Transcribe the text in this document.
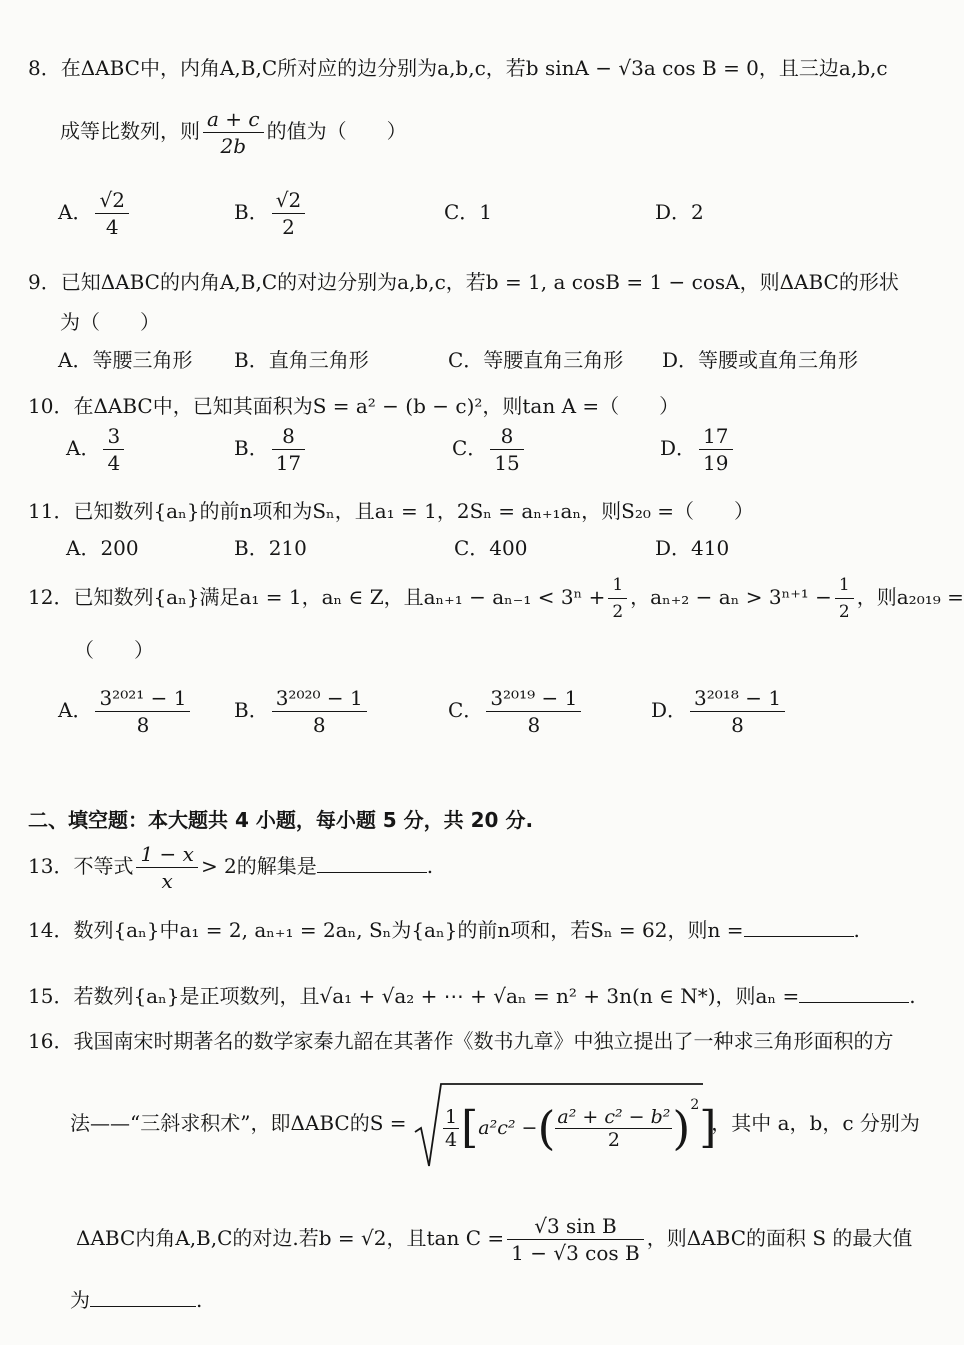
8．在ΔABC中，内角A,B,C所对应的边分别为a,b,c，若b sinA − √3a cos B = 0，且三边a,b,c
成等比数列，则 $\frac{a + c}{2b}$ 的值为（　　）
A． $\frac{√2}{4}$	B． $\frac{√2}{2}$	C．1	D．2
9．已知ΔABC的内角A,B,C的对边分别为a,b,c，若b = 1, a cosB = 1 − cosA，则ΔABC的形状
为（　　）
A．等腰三角形 B．直角三角形	C．等腰直角三角形 D．等腰或直角三角形
10．在ΔABC中，已知其面积为S = a² − (b − c)²，则tan A =（　　）
A． $\frac{3}{4}$	B． $\frac{8}{17}$	C． $\frac{8}{15}$	D． $\frac{17}{19}$
11．已知数列{aₙ}的前n项和为Sₙ，且a₁ = 1，2Sₙ = aₙ₊₁aₙ，则S₂₀ =（　　）
A．200	B．210	C．400	D．410
12．已知数列{aₙ}满足a₁ = 1，aₙ ∈ Z，且$a_{n+1} - a_{n-1} < 3^n + \frac{1}{2}$ ，$a_{n+2} - a_n > 3^{n+1} - \frac{1}{2}$ ，则a₂₀₁₉ =
（　　）
A． $\frac{\text{3²⁰²¹ − 1}}{8}$ B． $\frac{\text{3²⁰²⁰ − 1}}{8}$	C． $\frac{\text{3²⁰¹⁹ − 1}}{8}$	D． $\frac{\text{3²⁰¹⁸ − 1}}{8}$
二、填空题：本大题共 4 小题，每小题 5 分，共 20 分.
13．不等式 $\frac{1 - x}{x} > 2$的解集是	.
14．数列{aₙ}中a₁ = 2, aₙ₊₁ = 2aₙ, Sₙ为{aₙ}的前n项和，若Sₙ = 62，则n =	.
15．若数列{aₙ}是正项数列，且√a₁ + √a₂ + ⋯ + √aₙ = n² + 3n(n ∈ N*)，则aₙ =	.
16．我国南宋时期著名的数学家秦九韶在其著作《数书九章》中独立提出了一种求三角形面积的方
法——“三斜求积术”，即ΔABC的$S = \frac{1}{4}$ [ a²c² − ( $\frac{\text{a² + c² − b²}}{2}$ ) 2 ]
，其中 a，b，c 分别为
ΔABC内角A,B,C的对边.若b = √2，且$\tan C = \frac{\text{√3 sin B}}{\text{1 − √3 cos B}}$ ，则ΔABC的面积 S 的最大值
为	.
